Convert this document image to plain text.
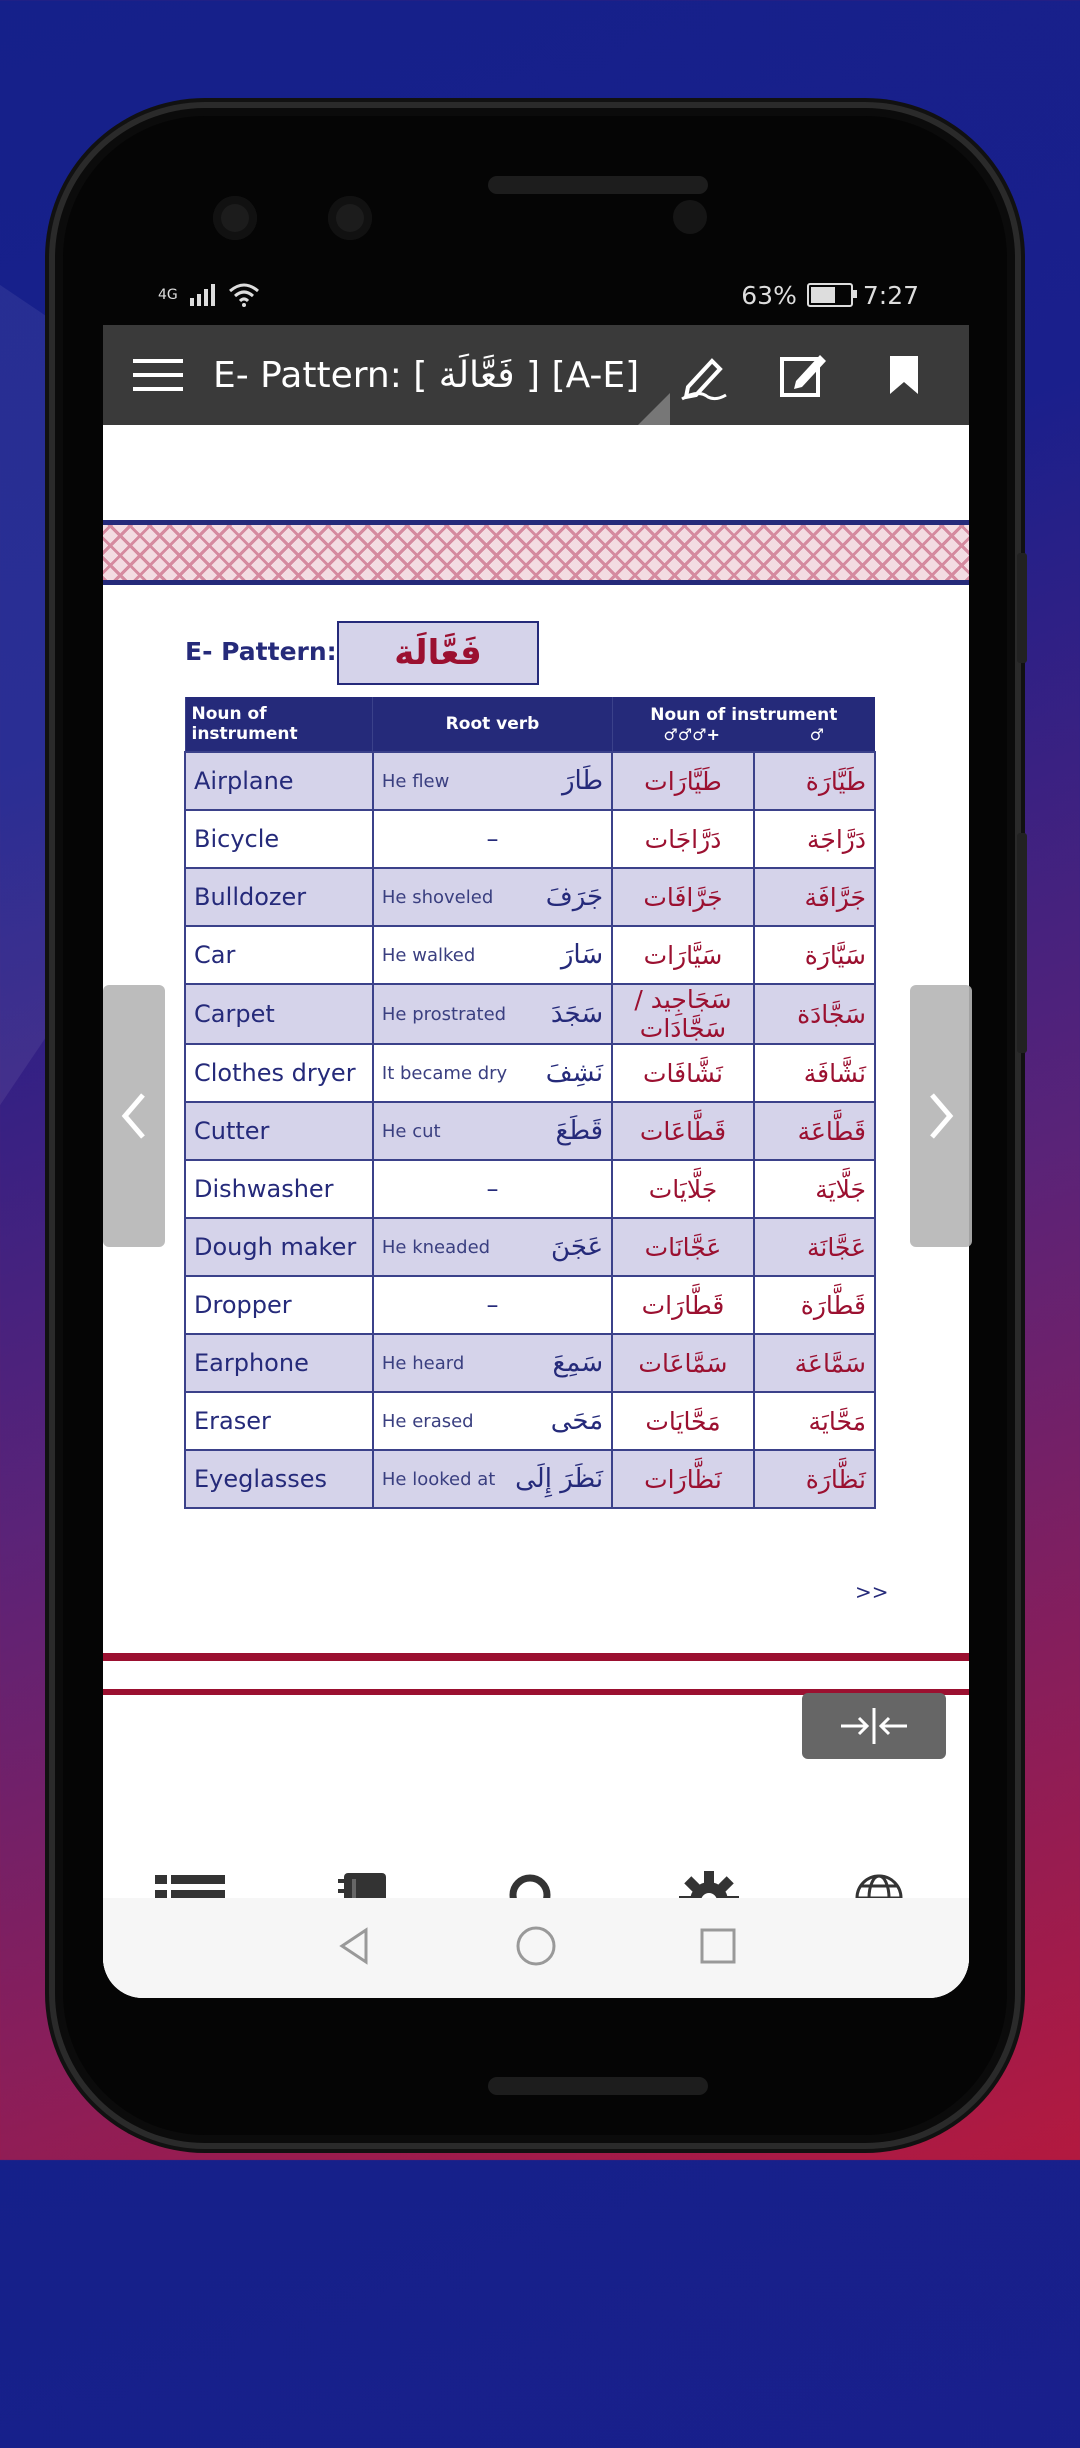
4G	63%	7:27
E- Pattern: [ فَعَّالَة ] [A-E]
E- Pattern:	فَعَّالَة
Noun of instrument	Root verb	Noun of instrument
♂♂♂+ ♂	

Airplane	He flew طَارَ	طَيَّارَات	طَيَّارَة
Bicycle	–	دَرَّاجَات	دَرَّاجَة
Bulldozer	He shoveled جَرَفَ	جَرَّافَات	جَرَّافَة
Car	He walked سَارَ	سَيَّارَات	سَيَّارَة
Carpet	He prostrated سَجَدَ	سَجَاجِيد / سَجَّادَات	سَجَّادَة
Clothes dryer	It became dry نَشِفَ	نَشَّافَات	نَشَّافَة
Cutter	He cut قَطَعَ	قَطَّاعَات	قَطَّاعَة
Dishwasher	–	جَلَّايَات	جَلَّايَة
Dough maker	He kneaded عَجَنَ	عَجَّانَات	عَجَّانَة
Dropper	–	قَطَّارَات	قَطَّارَة
Earphone	He heard سَمِعَ	سَمَّاعَات	سَمَّاعَة
Eraser	He erased مَحَى	مَحَّايَات	مَحَّايَة
Eyeglasses	He looked at نَظَرَ إِلَى	نَظَّارَات	نَظَّارَة
>>
